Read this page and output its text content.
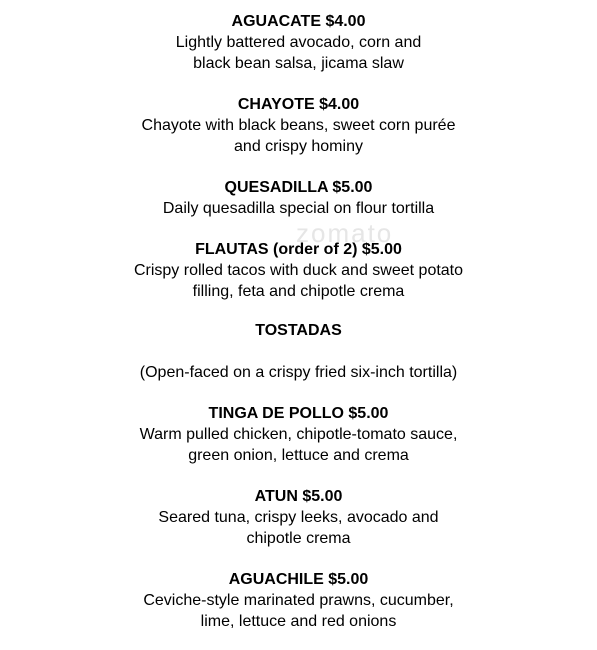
AGUACATE $4.00
Lightly battered avocado, corn and
black bean salsa, jicama slaw
CHAYOTE $4.00
Chayote with black beans, sweet corn purée
and crispy hominy
QUESADILLA $5.00
Daily quesadilla special on flour tortilla
FLAUTAS (order of 2) $5.00
Crispy rolled tacos with duck and sweet potato
filling, feta and chipotle crema
TOSTADAS
(Open-faced on a crispy fried six-inch tortilla)
TINGA DE POLLO $5.00
Warm pulled chicken, chipotle-tomato sauce,
green onion, lettuce and crema
ATUN $5.00
Seared tuna, crispy leeks, avocado and
chipotle crema
AGUACHILE $5.00
Ceviche-style marinated prawns, cucumber,
lime, lettuce and red onions
zomato
